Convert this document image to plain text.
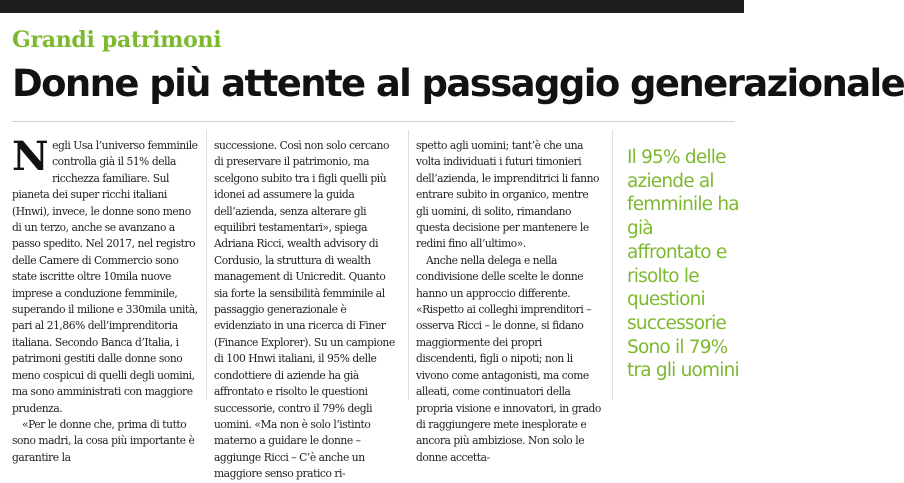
Grandi patrimoni
Donne più attente al passaggio generazionale

Negli Usa l’universo femminile controlla già il 51% della ricchezza familiare. Sul pianeta dei super ricchi italiani (Hnwi), invece, le donne sono meno di un terzo, anche se avanzano a passo spedito. Nel 2017, nel registro delle Camere di Commercio sono state iscritte oltre 10mila nuove imprese a conduzione femminile, superando il milione e 330mila unità, pari al 21,86% dell’imprenditoria italiana. Secondo Banca d’Italia, i patrimoni gestiti dalle donne sono meno cospicui di quelli degli uomini, ma sono amministrati con maggiore prudenza.

«Per le donne che, prima di tutto sono madri, la cosa più importante è garantire la

successione. Così non solo cercano di preservare il patrimonio, ma scelgono subito tra i figli quelli più idonei ad assumere la guida dell’azienda, senza alterare gli equilibri testamentari», spiega Adriana Ricci, wealth advisory di Cordusio, la struttura di wealth management di Unicredit. Quanto sia forte la sensibilità femminile al passaggio generazionale è evidenziato in una ricerca di Finer (Finance Explorer). Su un campione di 100 Hnwi italiani, il 95% delle condottiere di aziende ha già affrontato e risolto le questioni successorie, contro il 79% degli uomini. «Ma non è solo l’istinto materno a guidare le donne – aggiunge Ricci – C’è anche un maggiore senso pratico ri-

spetto agli uomini; tant’è che una volta individuati i futuri timonieri dell’azienda, le imprenditrici li fanno entrare subito in organico, mentre gli uomini, di solito, rimandano questa decisione per mantenere le redini fino all’ultimo».

Anche nella delega e nella condivisione delle scelte le donne hanno un approccio differente. «Rispetto ai colleghi imprenditori – osserva Ricci – le donne, si fidano maggiormente dei propri discendenti, figli o nipoti; non li vivono come antagonisti, ma come alleati, come continuatori della propria visione e innovatori, in grado di raggiungere mete inesplorate e ancora più ambiziose. Non solo le donne accetta-

Il 95% delle aziende al femminile ha già affrontato e risolto le questioni successorie Sono il 79% tra gli uomini
